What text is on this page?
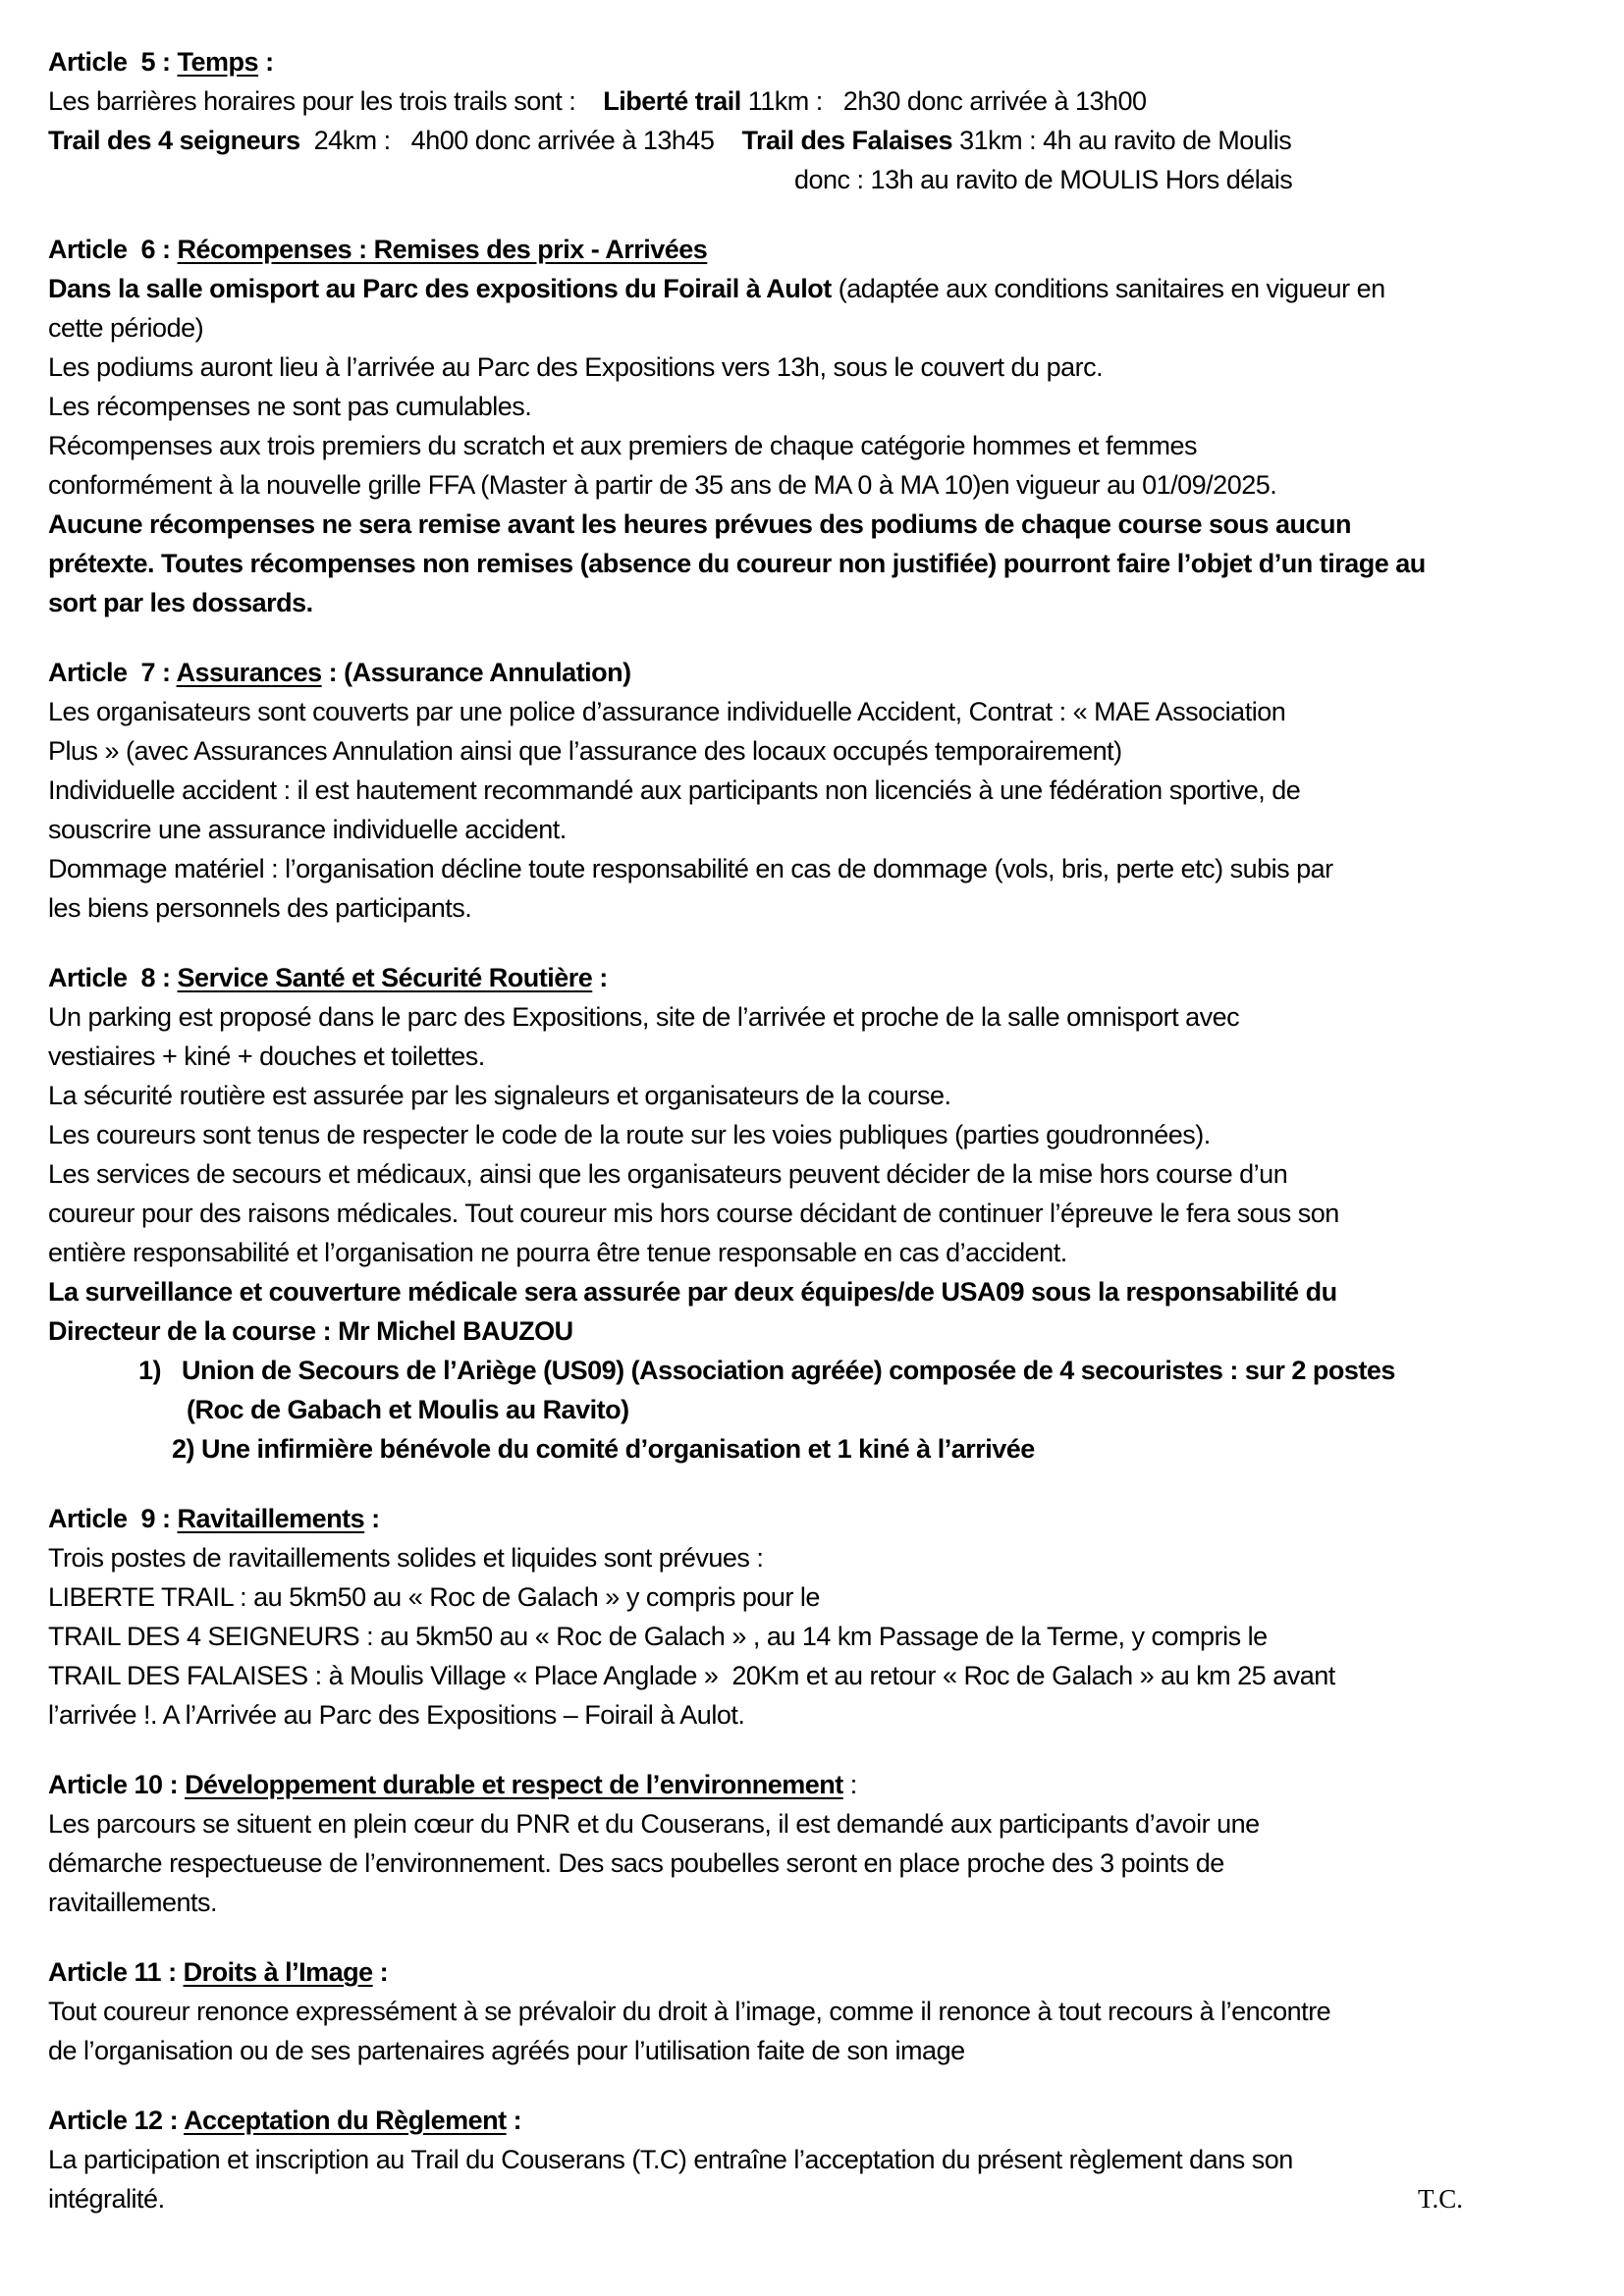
Article  5 : Temps :
Les barrières horaires pour les trois trails sont :    Liberté trail 11km :   2h30 donc arrivée à 13h00
Trail des 4 seigneurs  24km :   4h00 donc arrivée à 13h45    Trail des Falaises 31km : 4h au ravito de Moulis
donc : 13h au ravito de MOULIS Hors délais
Article  6 : Récompenses : Remises des prix - Arrivées
Dans la salle omisport au Parc des expositions du Foirail à Aulot (adaptée aux conditions sanitaires en vigueur en
cette période)
Les podiums auront lieu à l’arrivée au Parc des Expositions vers 13h, sous le couvert du parc.
Les récompenses ne sont pas cumulables.
Récompenses aux trois premiers du scratch et aux premiers de chaque catégorie hommes et femmes
conformément à la nouvelle grille FFA (Master à partir de 35 ans de MA 0 à MA 10)en vigueur au 01/09/2025.
Aucune récompenses ne sera remise avant les heures prévues des podiums de chaque course sous aucun
prétexte. Toutes récompenses non remises (absence du coureur non justifiée) pourront faire l’objet d’un tirage au
sort par les dossards.
Article  7 : Assurances : (Assurance Annulation)
Les organisateurs sont couverts par une police d’assurance individuelle Accident, Contrat : « MAE Association
Plus » (avec Assurances Annulation ainsi que l’assurance des locaux occupés temporairement)
Individuelle accident : il est hautement recommandé aux participants non licenciés à une fédération sportive, de
souscrire une assurance individuelle accident.
Dommage matériel : l’organisation décline toute responsabilité en cas de dommage (vols, bris, perte etc) subis par
les biens personnels des participants.
Article  8 : Service Santé et Sécurité Routière :
Un parking est proposé dans le parc des Expositions, site de l’arrivée et proche de la salle omnisport avec
vestiaires + kiné + douches et toilettes.
La sécurité routière est assurée par les signaleurs et organisateurs de la course.
Les coureurs sont tenus de respecter le code de la route sur les voies publiques (parties goudronnées).
Les services de secours et médicaux, ainsi que les organisateurs peuvent décider de la mise hors course d’un
coureur pour des raisons médicales. Tout coureur mis hors course décidant de continuer l’épreuve le fera sous son
entière responsabilité et l’organisation ne pourra être tenue responsable en cas d’accident.
La surveillance et couverture médicale sera assurée par deux équipes/de USA09 sous la responsabilité du
Directeur de la course : Mr Michel BAUZOU
1)   Union de Secours de l’Ariège (US09) (Association agréée) composée de 4 secouristes : sur 2 postes
(Roc de Gabach et Moulis au Ravito)
2) Une infirmière bénévole du comité d’organisation et 1 kiné à l’arrivée
Article  9 : Ravitaillements :
Trois postes de ravitaillements solides et liquides sont prévues :
LIBERTE TRAIL : au 5km50 au « Roc de Galach » y compris pour le
TRAIL DES 4 SEIGNEURS : au 5km50 au « Roc de Galach » , au 14 km Passage de la Terme, y compris le
TRAIL DES FALAISES : à Moulis Village « Place Anglade »  20Km et au retour « Roc de Galach » au km 25 avant
l’arrivée !. A l’Arrivée au Parc des Expositions – Foirail à Aulot.
Article 10 : Développement durable et respect de l’environnement :
Les parcours se situent en plein cœur du PNR et du Couserans, il est demandé aux participants d’avoir une
démarche respectueuse de l’environnement. Des sacs poubelles seront en place proche des 3 points de
ravitaillements.
Article 11 : Droits à l’Image :
Tout coureur renonce expressément à se prévaloir du droit à l’image, comme il renonce à tout recours à l’encontre
de l’organisation ou de ses partenaires agréés pour l’utilisation faite de son image
Article 12 : Acceptation du Règlement :
La participation et inscription au Trail du Couserans (T.C) entraîne l’acceptation du présent règlement dans son
intégralité.	T.C.
